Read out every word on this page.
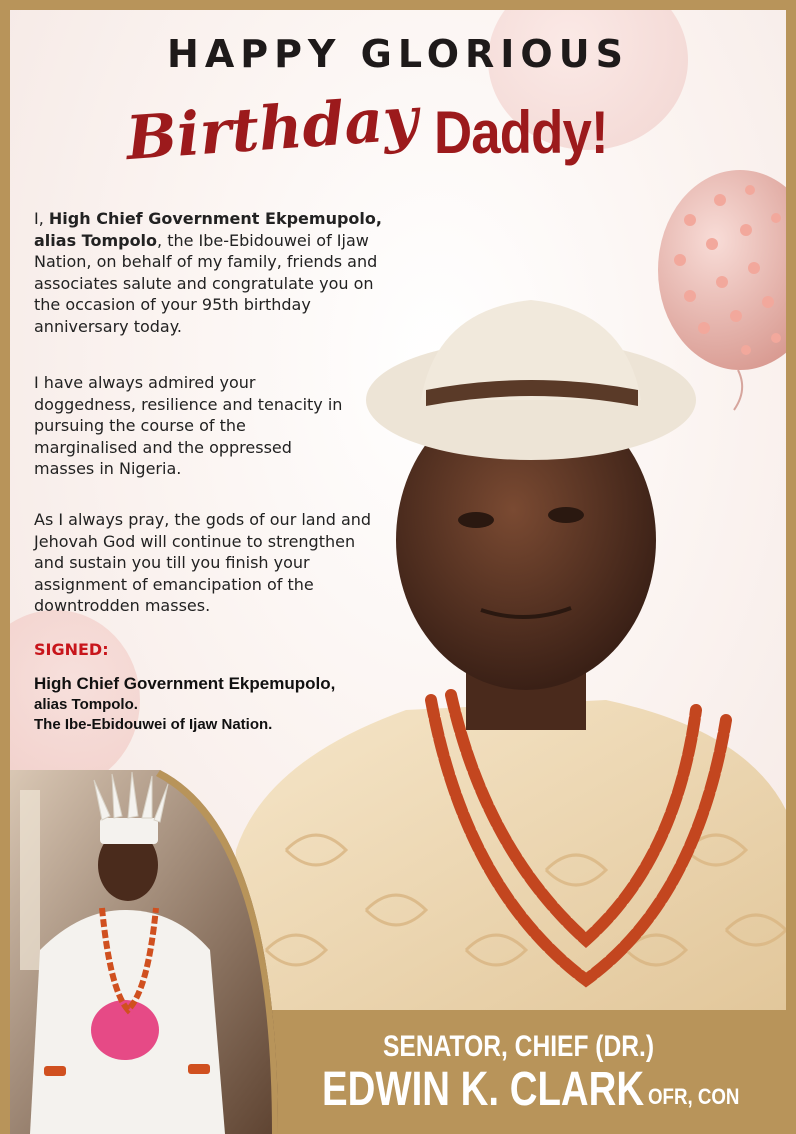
HAPPY GLORIOUS
Birthday Daddy!

I, High Chief Government Ekpemupolo, alias Tompolo, the Ibe-Ebidouwei of Ijaw Nation, on behalf of my family, friends and associates salute and congratulate you on the occasion of your 95th birthday anniversary today.

I have always admired your doggedness, resilience and tenacity in pursuing the course of the marginalised and the oppressed masses in Nigeria.

As I always pray, the gods of our land and Jehovah God will continue to strengthen and sustain you till you finish your assignment of emancipation of the downtrodden masses.

SIGNED:
High Chief Government Ekpemupolo,
alias Tompolo.
The Ibe-Ebidouwei of Ijaw Nation.
SENATOR, CHIEF (DR.)
EDWIN K. CLARK OFR, CON
